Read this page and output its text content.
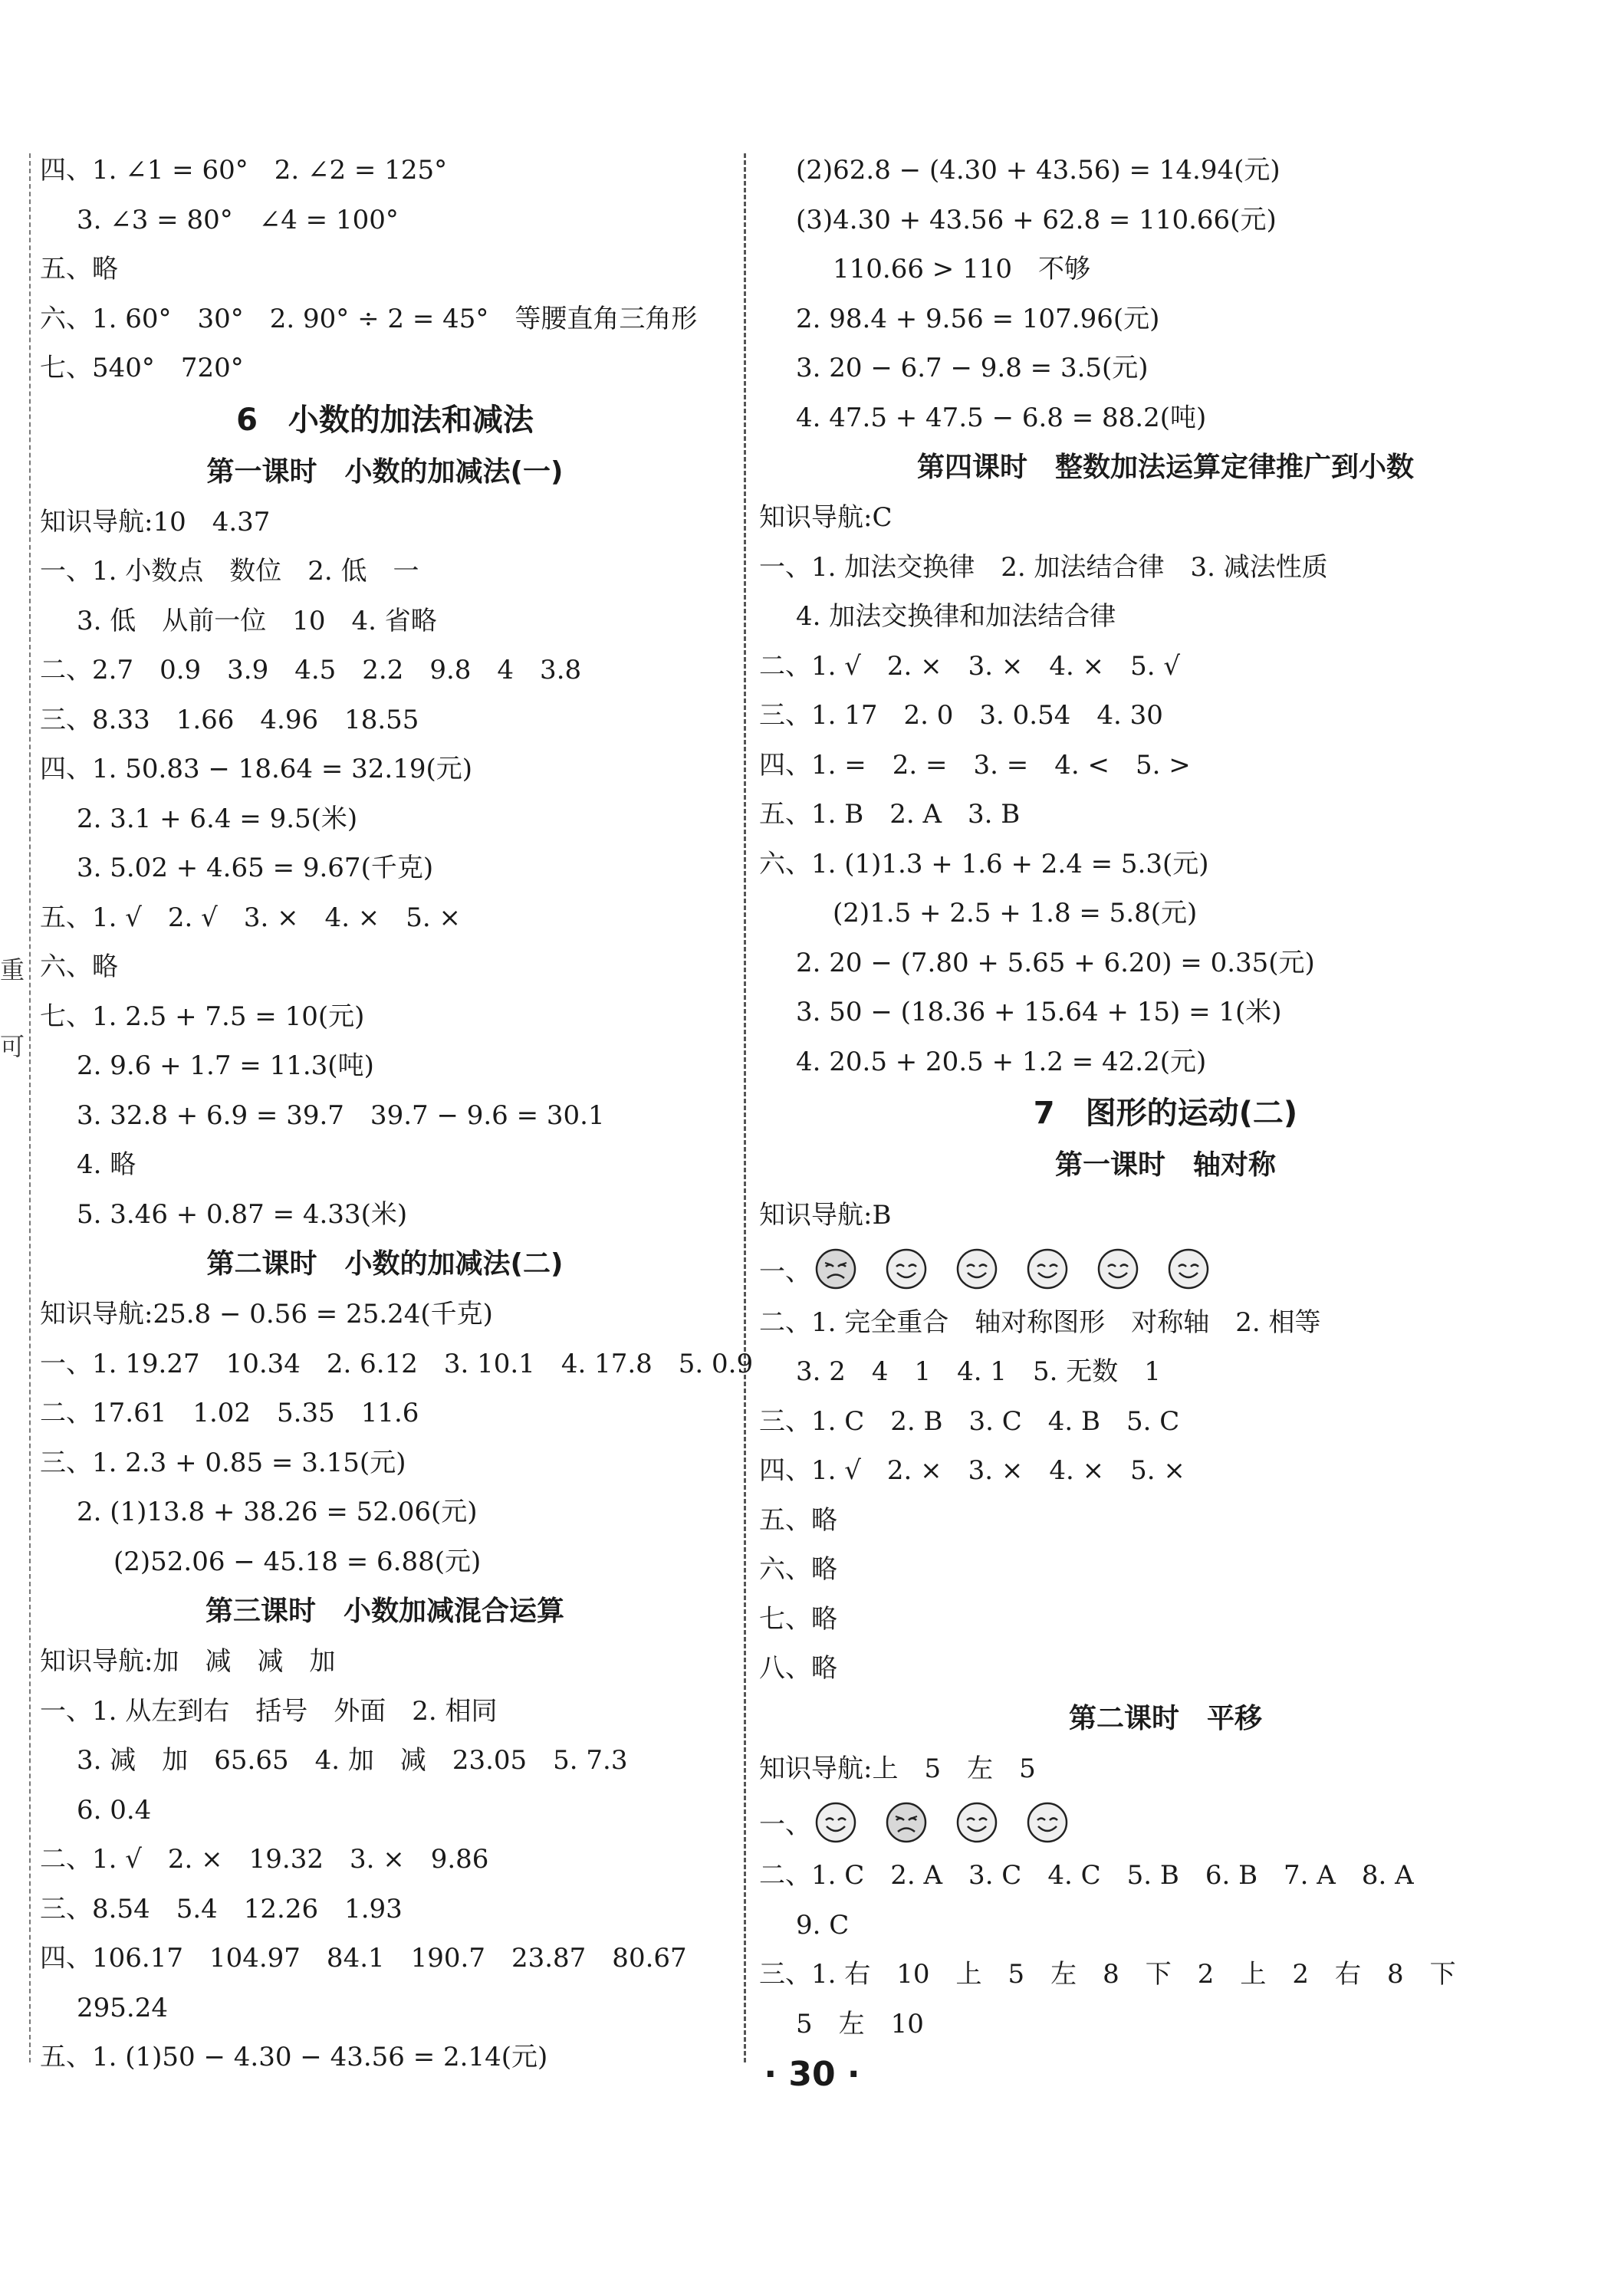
重
可
四、1. ∠1 = 60°　2. ∠2 = 125°
3. ∠3 = 80°　∠4 = 100°
五、略
六、1. 60°　30°　2. 90° ÷ 2 = 45°　等腰直角三角形
七、540°　720°
6　小数的加法和减法
第一课时　小数的加减法(一)
知识导航:10　4.37
一、1. 小数点　数位　2. 低　一
3. 低　从前一位　10　4. 省略
二、2.7　0.9　3.9　4.5　2.2　9.8　4　3.8
三、8.33　1.66　4.96　18.55
四、1. 50.83 − 18.64 = 32.19(元)
2. 3.1 + 6.4 = 9.5(米)
3. 5.02 + 4.65 = 9.67(千克)
五、1. √　2. √　3. ×　4. ×　5. ×
六、略
七、1. 2.5 + 7.5 = 10(元)
2. 9.6 + 1.7 = 11.3(吨)
3. 32.8 + 6.9 = 39.7　39.7 − 9.6 = 30.1
4. 略
5. 3.46 + 0.87 = 4.33(米)
第二课时　小数的加减法(二)
知识导航:25.8 − 0.56 = 25.24(千克)
一、1. 19.27　10.34　2. 6.12　3. 10.1　4. 17.8　5. 0.9
二、17.61　1.02　5.35　11.6
三、1. 2.3 + 0.85 = 3.15(元)
2. (1)13.8 + 38.26 = 52.06(元)
(2)52.06 − 45.18 = 6.88(元)
第三课时　小数加减混合运算
知识导航:加　减　减　加
一、1. 从左到右　括号　外面　2. 相同
3. 减　加　65.65　4. 加　减　23.05　5. 7.3
6. 0.4
二、1. √　2. ×　19.32　3. ×　9.86
三、8.54　5.4　12.26　1.93
四、106.17　104.97　84.1　190.7　23.87　80.67
295.24
五、1. (1)50 − 4.30 − 43.56 = 2.14(元)
(2)62.8 − (4.30 + 43.56) = 14.94(元)
(3)4.30 + 43.56 + 62.8 = 110.66(元)
110.66 > 110　不够
2. 98.4 + 9.56 = 107.96(元)
3. 20 − 6.7 − 9.8 = 3.5(元)
4. 47.5 + 47.5 − 6.8 = 88.2(吨)
第四课时　整数加法运算定律推广到小数
知识导航:C
一、1. 加法交换律　2. 加法结合律　3. 减法性质
4. 加法交换律和加法结合律
二、1. √　2. ×　3. ×　4. ×　5. √
三、1. 17　2. 0　3. 0.54　4. 30
四、1. =　2. =　3. =　4. <　5. >
五、1. B　2. A　3. B
六、1. (1)1.3 + 1.6 + 2.4 = 5.3(元)
(2)1.5 + 2.5 + 1.8 = 5.8(元)
2. 20 − (7.80 + 5.65 + 6.20) = 0.35(元)
3. 50 − (18.36 + 15.64 + 15) = 1(米)
4. 20.5 + 20.5 + 1.2 = 42.2(元)
7　图形的运动(二)
第一课时　轴对称
知识导航:B
一、
二、1. 完全重合　轴对称图形　对称轴　2. 相等
3. 2　4　1　4. 1　5. 无数　1
三、1. C　2. B　3. C　4. B　5. C
四、1. √　2. ×　3. ×　4. ×　5. ×
五、略
六、略
七、略
八、略
第二课时　平移
知识导航:上　5　左　5
一、
二、1. C　2. A　3. C　4. C　5. B　6. B　7. A　8. A
9. C
三、1. 右　10　上　5　左　8　下　2　上　2　右　8　下
5　左　10
· 30 ·
